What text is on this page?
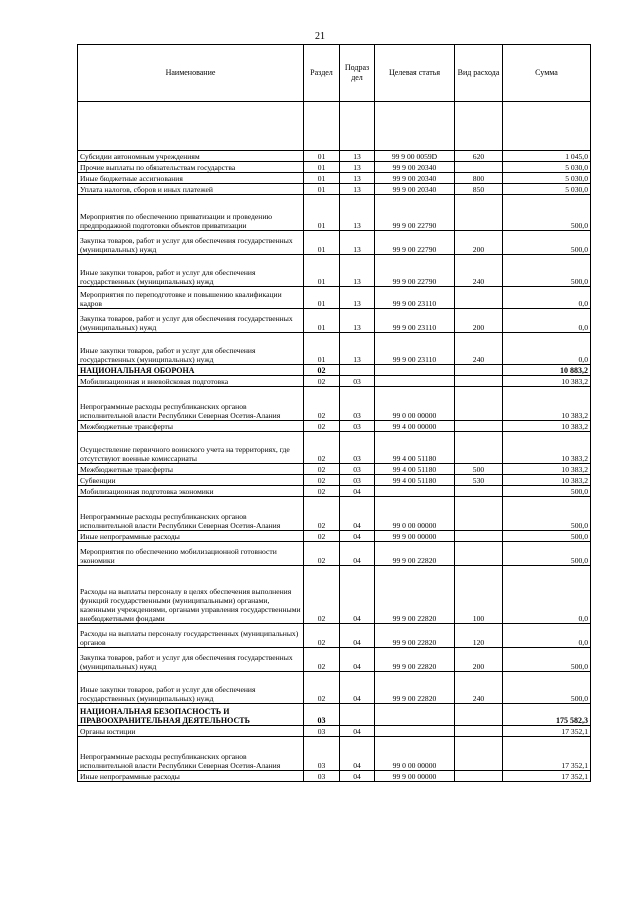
21
Наименование	Раздел	Подраз дел	Целевая статья	Вид расхода	Сумма

Субсидии автономным учреждениям	01	13	99 9 00 0059D	620	1 045,0
Прочие выплаты по обязательствам государства	01	13	99 9 00 20340		5 030,0
Иные бюджетные ассигнования	01	13	99 9 00 20340	800	5 030,0
Уплата налогов, сборов и иных платежей	01	13	99 9 00 20340	850	5 030,0
Мероприятия по обеспечению приватизации и проведению предпродажной подготовки объектов приватизации	01	13	99 9 00 22790		500,0
Закупка товаров, работ и услуг для обеспечения государственных (муниципальных) нужд	01	13	99 9 00 22790	200	500,0
Иные закупки товаров, работ и услуг для обеспечения государственных (муниципальных) нужд	01	13	99 9 00 22790	240	500,0
Мероприятия по переподготовке и повышению квалификации кадров	01	13	99 9 00 23110		0,0
Закупка товаров, работ и услуг для обеспечения государственных (муниципальных) нужд	01	13	99 9 00 23110	200	0,0
Иные закупки товаров, работ и услуг для обеспечения государственных (муниципальных) нужд	01	13	99 9 00 23110	240	0,0
НАЦИОНАЛЬНАЯ ОБОРОНА	02				10 883,2
Мобилизационная и вневойсковая подготовка	02	03			10 383,2
Непрограммные расходы республиканских органов исполнительной власти Республики Северная Осетия-Алания	02	03	99 0 00 00000		10 383,2
Межбюджетные трансферты	02	03	99 4 00 00000		10 383,2
Осуществление первичного воинского учета на территориях, где отсутствуют военные комиссариаты	02	03	99 4 00 51180		10 383,2
Межбюджетные трансферты	02	03	99 4 00 51180	500	10 383,2
Субвенции	02	03	99 4 00 51180	530	10 383,2
Мобилизационная подготовка экономики	02	04			500,0
Непрограммные расходы республиканских органов исполнительной власти Республики Северная Осетия-Алания	02	04	99 0 00 00000		500,0
Иные непрограммные расходы	02	04	99 9 00 00000		500,0
Мероприятия по обеспечению мобилизационной готовности экономики	02	04	99 9 00 22820		500,0
Расходы на выплаты персоналу в целях обеспечения выполнения функций государственными (муниципальными) органами, казенными учреждениями, органами управления государственными внебюджетными фондами	02	04	99 9 00 22820	100	0,0
Расходы на выплаты персоналу государственных (муниципальных) органов	02	04	99 9 00 22820	120	0,0
Закупка товаров, работ и услуг для обеспечения государственных (муниципальных) нужд	02	04	99 9 00 22820	200	500,0
Иные закупки товаров, работ и услуг для обеспечения государственных (муниципальных) нужд	02	04	99 9 00 22820	240	500,0
НАЦИОНАЛЬНАЯ БЕЗОПАСНОСТЬ И ПРАВООХРАНИТЕЛЬНАЯ ДЕЯТЕЛЬНОСТЬ	03				175 582,3
Органы юстиции	03	04			17 352,1
Непрограммные расходы республиканских органов исполнительной власти Республики Северная Осетия-Алания	03	04	99 0 00 00000		17 352,1
Иные непрограммные расходы	03	04	99 9 00 00000		17 352,1
